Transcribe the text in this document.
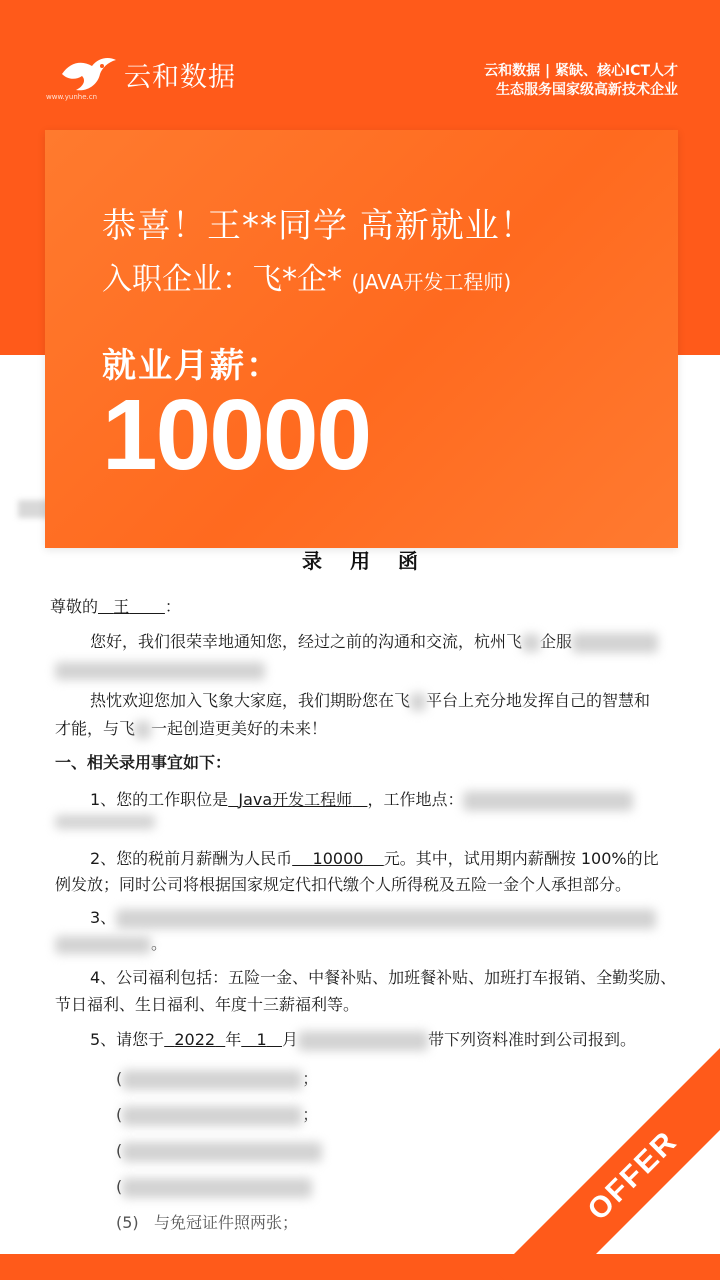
云和数据
www.yunhe.cn
云和数据 | 紧缺、核心ICT人才
生态服务国家级高新技术企业
录用函
尊敬的 王 ：
您好，我们很荣幸地通知您，经过之前的沟通和交流，杭州飞 企服
热忱欢迎您加入飞象大家庭，我们期盼您在飞 平台上充分地发挥自己的智慧和
才能，与飞 一起创造更美好的未来！
一、相关录用事宜如下：
1、您的工作职位是 Java开发工程师 ，工作地点：
2、您的税前月薪酬为人民币 10000 元。其中，试用期内薪酬按 100%的比
例发放；同时公司将根据国家规定代扣代缴个人所得税及五险一金个人承担部分。
3、
。
4、公司福利包括：五险一金、中餐补贴、加班餐补贴、加班打车报销、全勤奖励、
节日福利、生日福利、年度十三薪福利等。
5、请您于 2022 年 1 月	带下列资料准时到公司报到。
(	；
(	；
(
(
(5) 与免冠证件照两张；
恭喜！王**同学 高新就业！
入职企业：飞*企* (JAVA开发工程师)
就业月薪：
10000
OFFER
